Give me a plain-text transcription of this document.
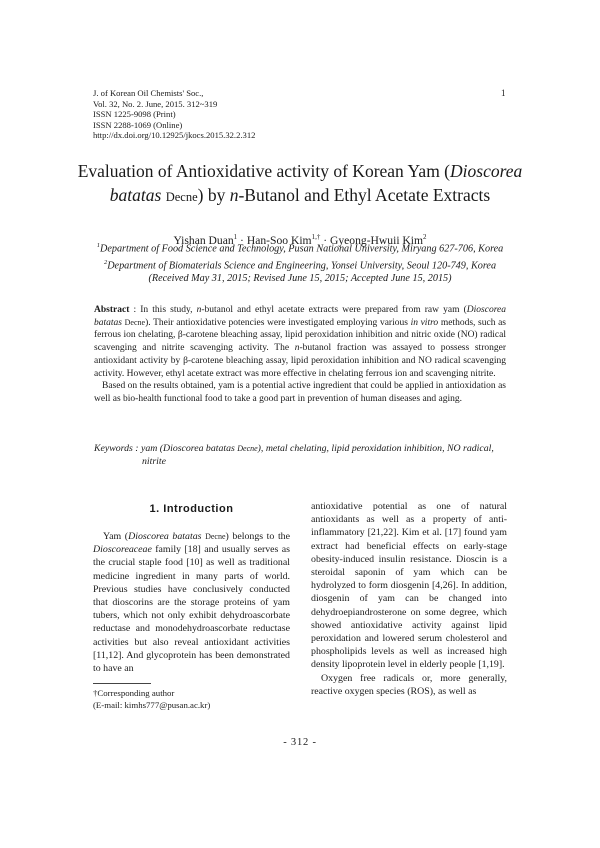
J. of Korean Oil Chemists' Soc.,
Vol. 32, No. 2. June, 2015. 312~319
ISSN 1225-9098 (Print)
ISSN 2288-1069 (Online)
http://dx.doi.org/10.12925/jkocs.2015.32.2.312
1
Evaluation of Antioxidative activity of Korean Yam (Dioscorea batatas Decne) by n-Butanol and Ethyl Acetate Extracts
Yishan Duan$^1$ · Han-Soo Kim$^{1,\dagger}$ · Gyeong-Hwuii Kim$^2$
$^1$Department of Food Science and Technology, Pusan National University, Miryang 627-706, Korea
$^2$Department of Biomaterials Science and Engineering, Yonsei University, Seoul 120-749, Korea
(Received May 31, 2015; Revised June 15, 2015; Accepted June 15, 2015)

Abstract : In this study, n-butanol and ethyl acetate extracts were prepared from raw yam (Dioscorea batatas Decne). Their antioxidative potencies were investigated employing various in vitro methods, such as ferrous ion chelating, β-carotene bleaching assay, lipid peroxidation inhibition and nitric oxide (NO) radical scavenging and nitrite scavenging activity. The n-butanol fraction was assayed to possess stronger antioxidant activity by β-carotene bleaching assay, lipid peroxidation inhibition and NO radical scavenging activity. However, ethyl acetate extract was more effective in chelating ferrous ion and scavenging nitrite.

Based on the results obtained, yam is a potential active ingredient that could be applied in antioxidation as well as bio-health functional food to take a good part in prevention of human diseases and aging.

Keywords : yam (Dioscorea batatas Decne), metal chelating, lipid peroxidation inhibition, NO radical, nitrite
1. Introduction

Yam (Dioscorea batatas Decne) belongs to the Dioscoreaceae family [18] and usually serves as the crucial staple food [10] as well as traditional medicine ingredient in many parts of world. Previous studies have conclusively conducted that dioscorins are the storage proteins of yam tubers, which not only exhibit dehydroascorbate reductase and monodehydroascorbate reductase activities but also reveal antioxidant activities [11,12]. And glycoprotein has been demonstrated to have an

antioxidative potential as one of natural antioxidants as well as a property of anti-inflammatory [21,22]. Kim et al. [17] found yam extract had beneficial effects on early-stage obesity-induced insulin resistance. Dioscin is a steroidal saponin of yam which can be hydrolyzed to form diosgenin [4,26]. In addition, diosgenin of yam can be changed into dehydroepiandrosterone on some degree, which showed antioxidative activity against lipid peroxidation and lowered serum cholesterol and phospholipids levels as well as increased high density lipoprotein level in elderly people [1,19].

Oxygen free radicals or, more generally, reactive oxygen species (ROS), as well as

†Corresponding author
(E-mail: kimhs777@pusan.ac.kr)
- 312 -
